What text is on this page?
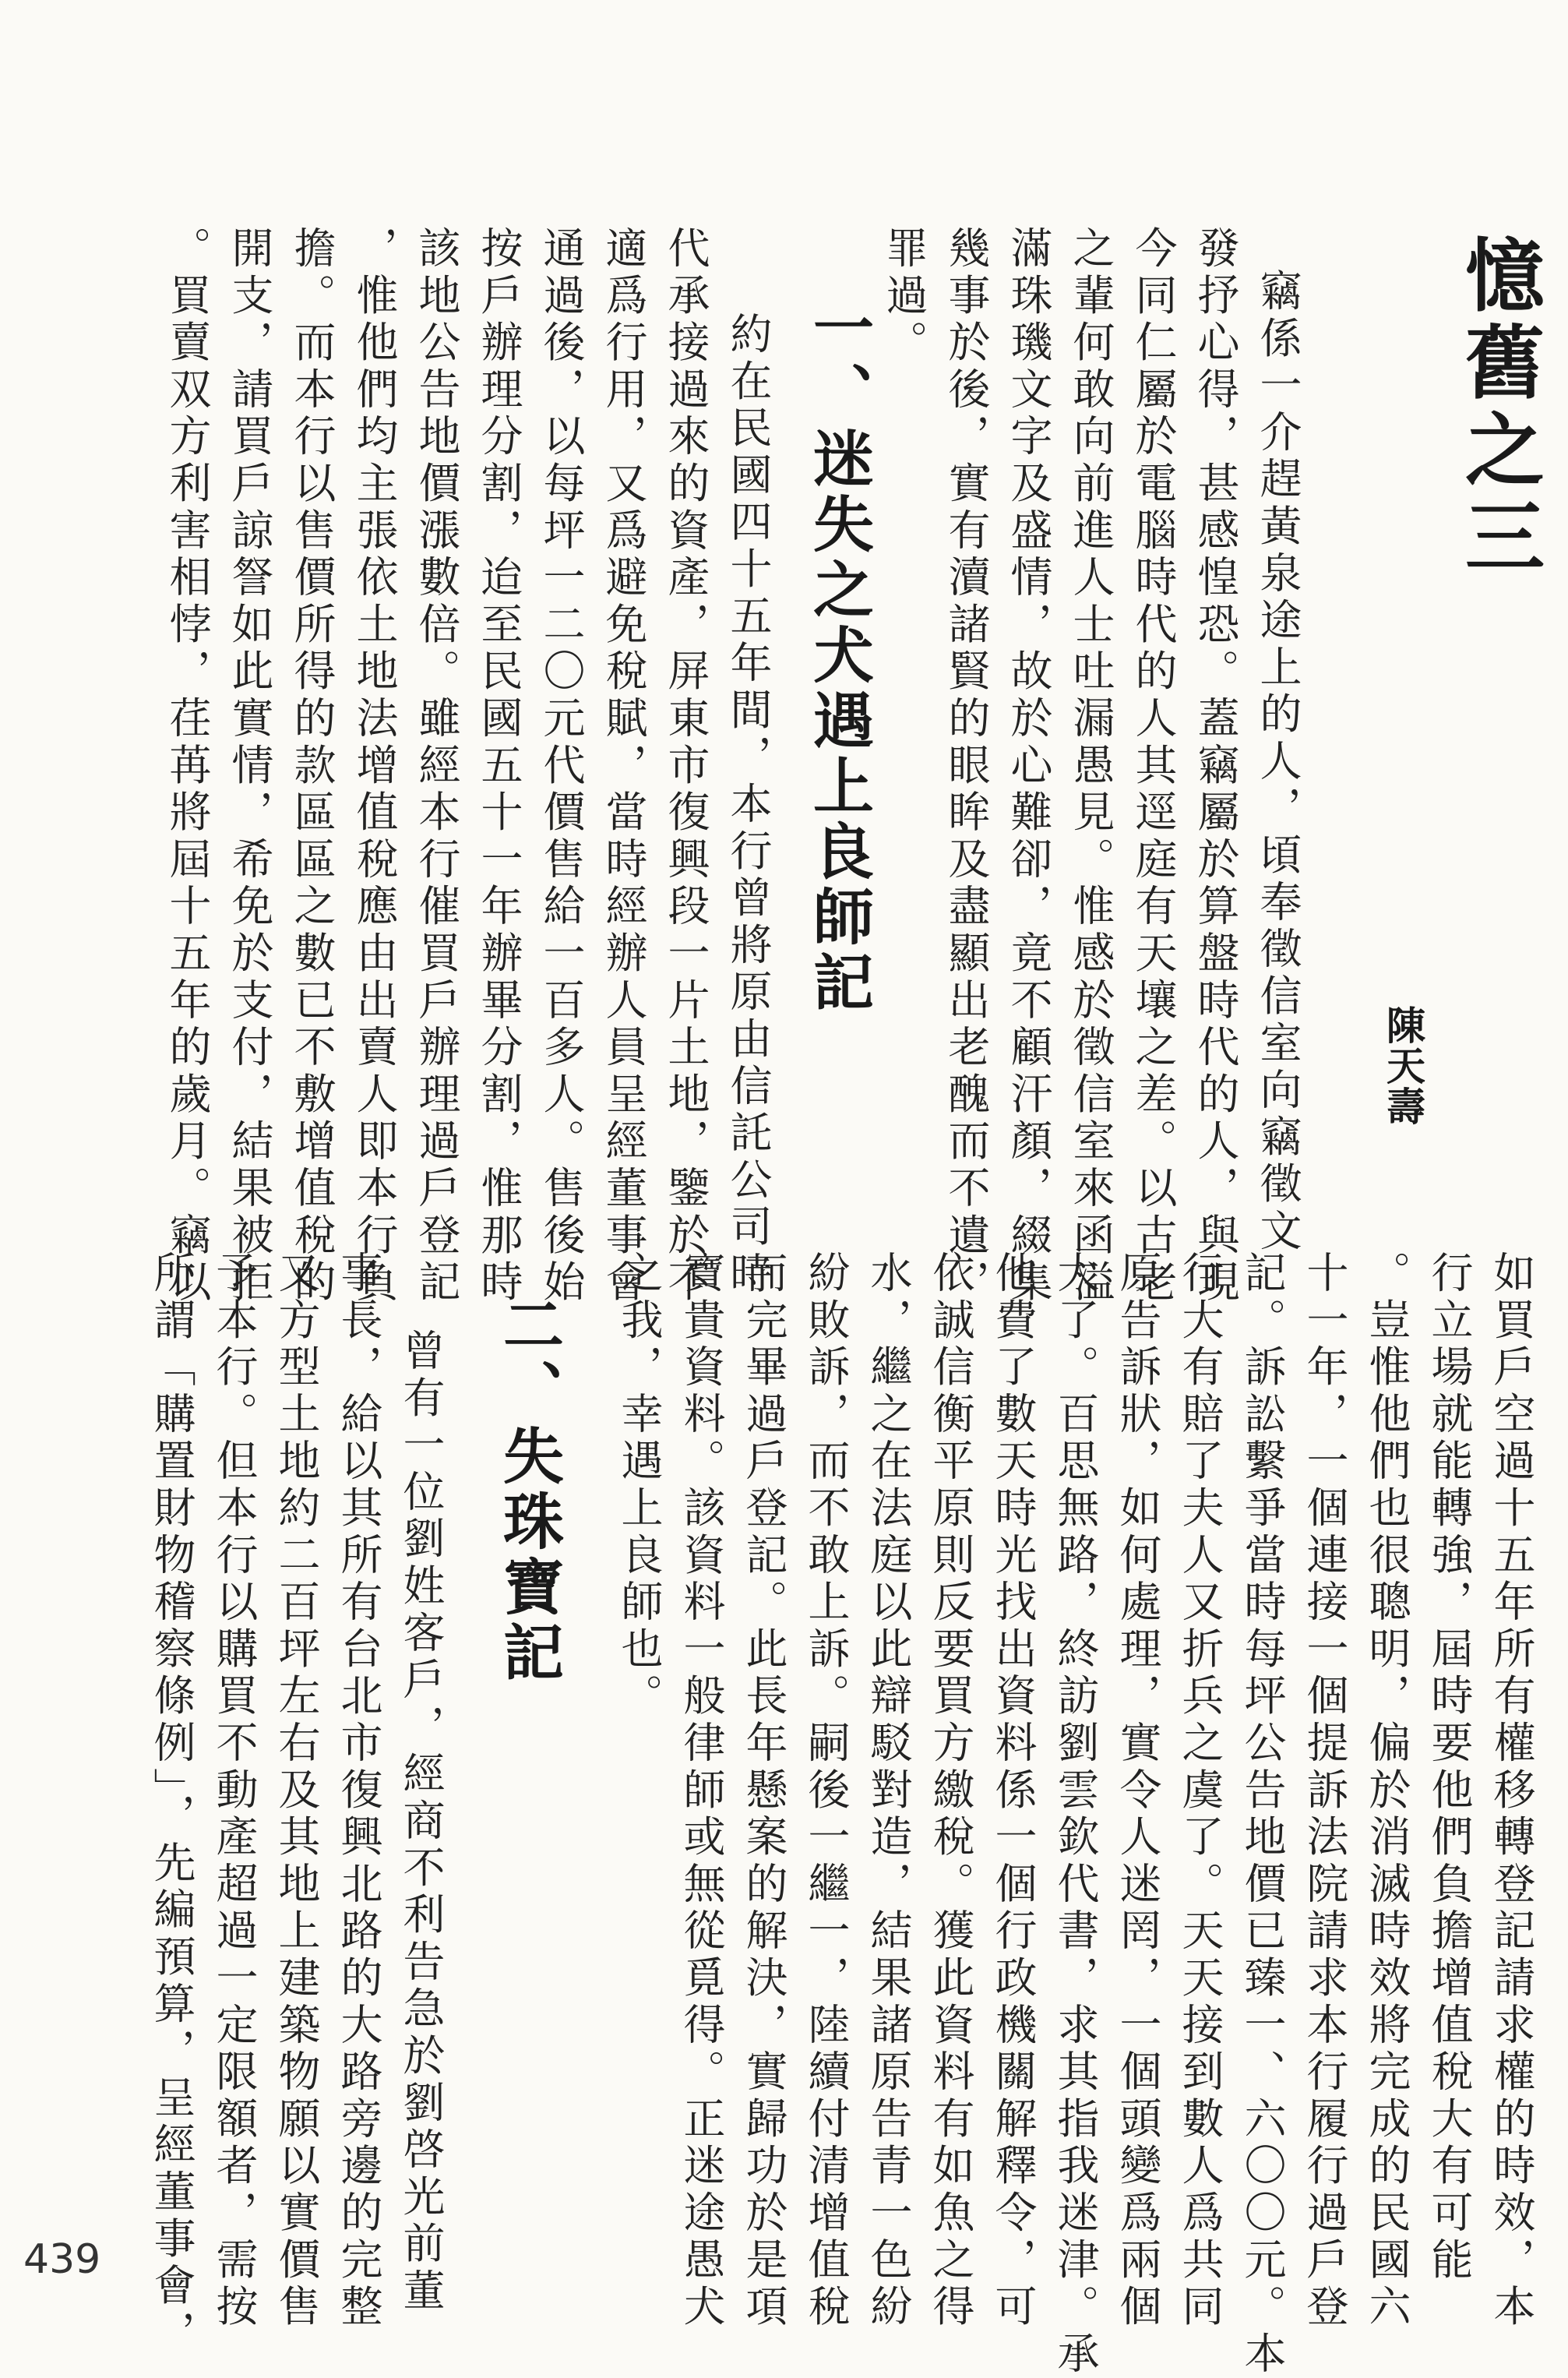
憶舊之三
陳天壽
竊係一介趕黃泉途上的人，頃奉徵信室向竊徵文
發抒心得，甚感惶恐。蓋竊屬於算盤時代的人，與現
今同仁屬於電腦時代的人其逕庭有天壤之差。以古老
之輩何敢向前進人士吐漏愚見。惟感於徵信室來函溢
滿珠璣文字及盛情，故於心難卻，竟不顧汗顏，綴集
幾事於後，實有瀆諸賢的眼眸及盡顯出老醜而不遺，
罪過。
一、迷失之犬遇上良師記
約在民國四十五年間，本行曾將原由信託公司時
代承接過來的資產，屏東市復興段一片土地，鑒於不
適爲行用，又爲避免稅賦，當時經辦人員呈經董事會
通過後，以每坪一二〇元代價售給一百多人。售後始
按戶辦理分割，迨至民國五十一年辦畢分割，惟那時
該地公告地價漲數倍。雖經本行催買戶辦理過戶登記
，惟他們均主張依土地法增值稅應由出賣人即本行負
擔。而本行以售價所得的款區區之數已不敷增值稅的
開支，請買戶諒詧如此實情，希免於支付，結果被拒
。買賣双方利害相悖，荏苒將屆十五年的歲月。竊以
如買戶空過十五年所有權移轉登記請求權的時效，本
行立場就能轉強，屆時要他們負擔增值稅大有可能
。豈惟他們也很聰明，偏於消滅時效將完成的民國六
十一年，一個連接一個提訴法院請求本行履行過戶登
記。訴訟繫爭當時每坪公告地價已臻一、六〇〇元。本
行大有賠了夫人又折兵之虞了。天天接到數人爲共同
原告訴狀，如何處理，實令人迷罔，一個頭變爲兩個
大了。百思無路，終訪劉雲欽代書，求其指我迷津。承
他費了數天時光找出資料係一個行政機關解釋令，可
依誠信衡平原則反要買方繳稅。獲此資料有如魚之得
水，繼之在法庭以此辯駁對造，結果諸原告青一色紛
紛敗訴，而不敢上訴。嗣後一繼一，陸續付清增值稅
而完畢過戶登記。此長年懸案的解決，實歸功於是項
寶貴資料。該資料一般律師或無從覓得。正迷途愚犬
之我，幸遇上良師也。
二、失珠寶記
曾有一位劉姓客戶，經商不利告急於劉啓光前董
事長，給以其所有台北市復興北路的大路旁邊的完整
又方型土地約二百坪左右及其地上建築物願以實價售
予本行。但本行以購買不動產超過一定限額者，需按
所謂「購置財物稽察條例」，先編預算，呈經董事會，
439
